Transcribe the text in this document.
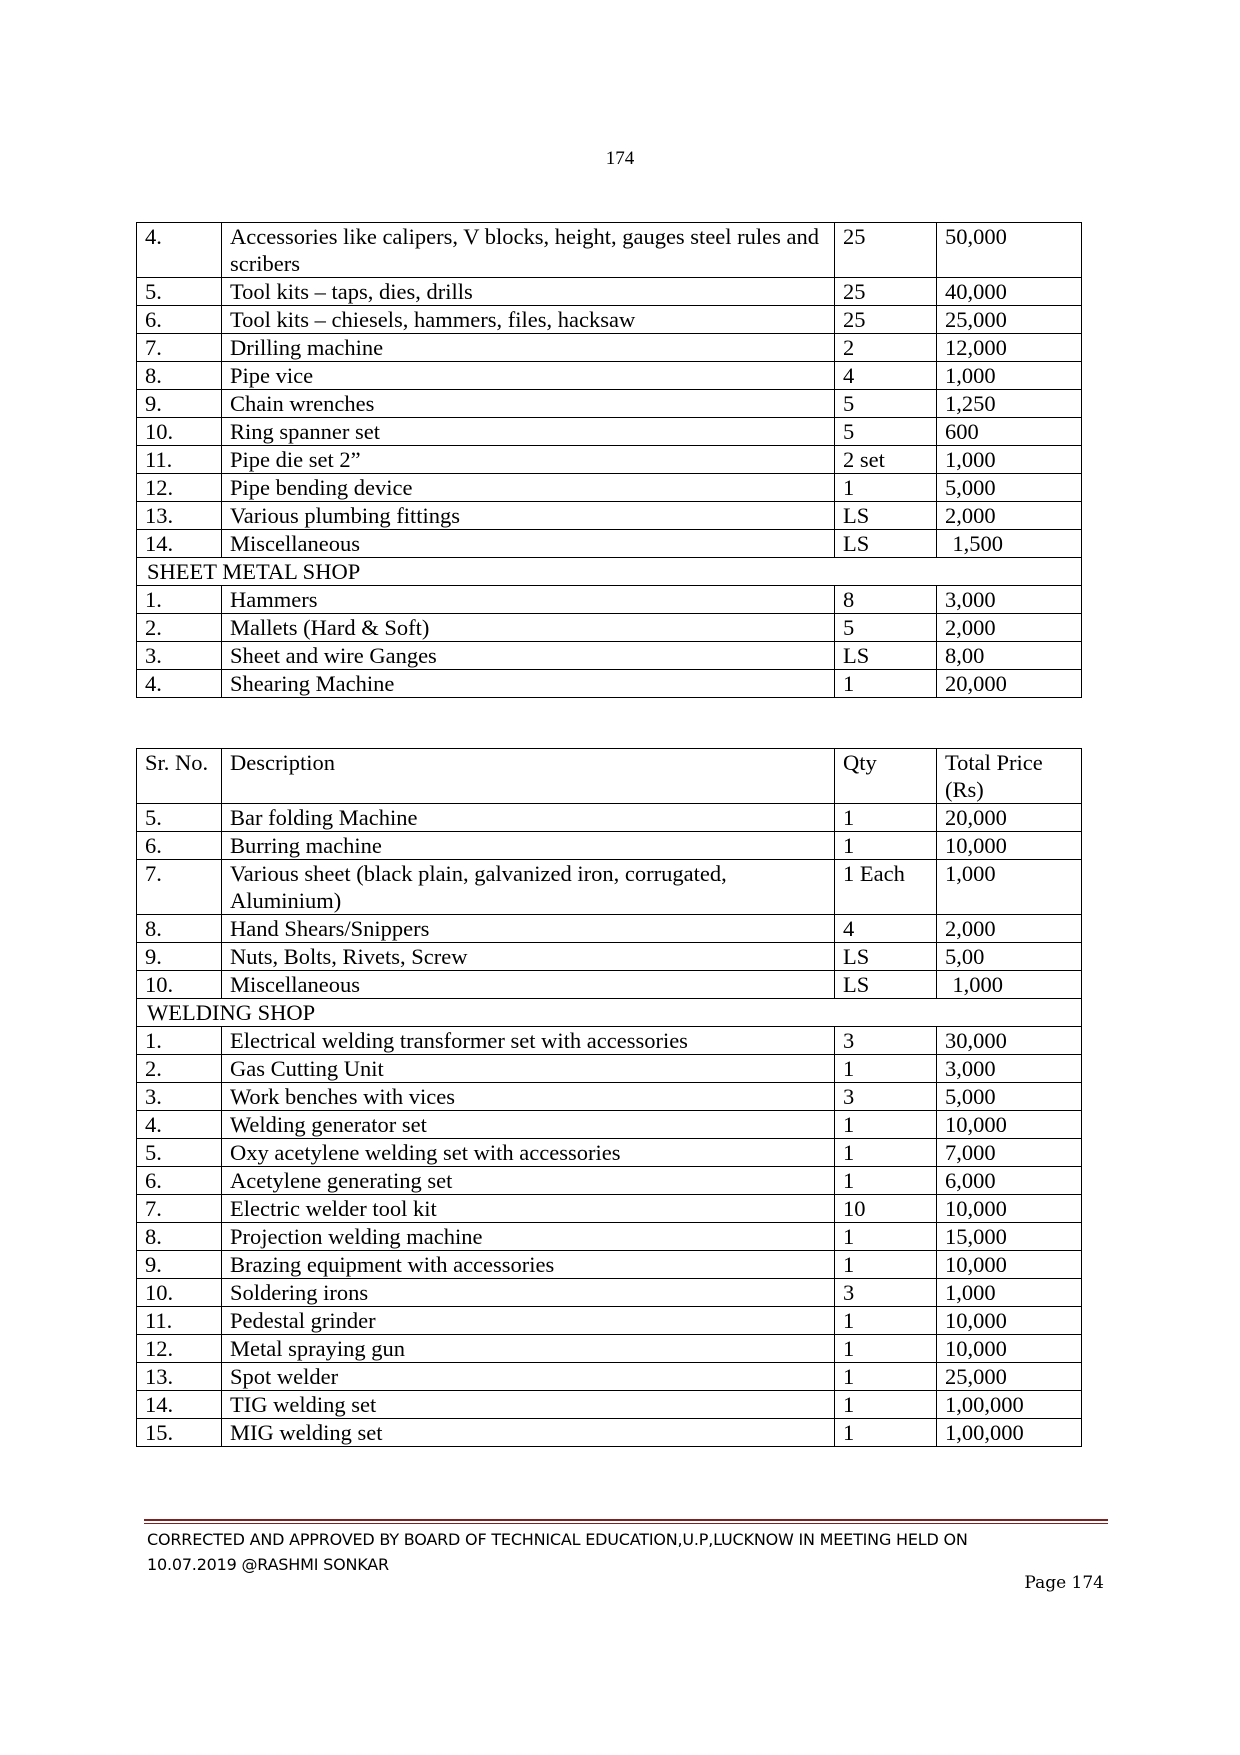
174
4.	Accessories like calipers, V blocks, height, gauges steel rules and scribers	25	50,000
5.	Tool kits – taps, dies, drills	25	40,000
6.	Tool kits – chiesels, hammers, files, hacksaw	25	25,000
7.	Drilling machine	2	12,000
8.	Pipe vice	4	1,000
9.	Chain wrenches	5	1,250
10.	Ring spanner set	5	600
11.	Pipe die set 2”	2 set	1,000
12.	Pipe bending device	1	5,000
13.	Various plumbing fittings	LS	2,000
14.	Miscellaneous	LS	1,500
SHEET METAL SHOP			
1.	Hammers	8	3,000
2.	Mallets (Hard & Soft)	5	2,000
3.	Sheet and wire Ganges	LS	8,00
4.	Shearing Machine	1	20,000
Sr. No.	Description	Qty	Total Price (Rs)
5.	Bar folding Machine	1	20,000
6.	Burring machine	1	10,000
7.	Various sheet (black plain, galvanized iron, corrugated, Aluminium)	1 Each	1,000
8.	Hand Shears/Snippers	4	2,000
9.	Nuts, Bolts, Rivets, Screw	LS	5,00
10.	Miscellaneous	LS	1,000
WELDING SHOP			
1.	Electrical welding transformer set with accessories	3	30,000
2.	Gas Cutting Unit	1	3,000
3.	Work benches with vices	3	5,000
4.	Welding generator set	1	10,000
5.	Oxy acetylene welding set with accessories	1	7,000
6.	Acetylene generating set	1	6,000
7.	Electric welder tool kit	10	10,000
8.	Projection welding machine	1	15,000
9.	Brazing equipment with accessories	1	10,000
10.	Soldering irons	3	1,000
11.	Pedestal grinder	1	10,000
12.	Metal spraying gun	1	10,000
13.	Spot welder	1	25,000
14.	TIG welding set	1	1,00,000
15.	MIG welding set	1	1,00,000
CORRECTED AND APPROVED BY BOARD OF TECHNICAL EDUCATION,U.P,LUCKNOW IN MEETING HELD ON
10.07.2019 @RASHMI SONKAR
Page 174
